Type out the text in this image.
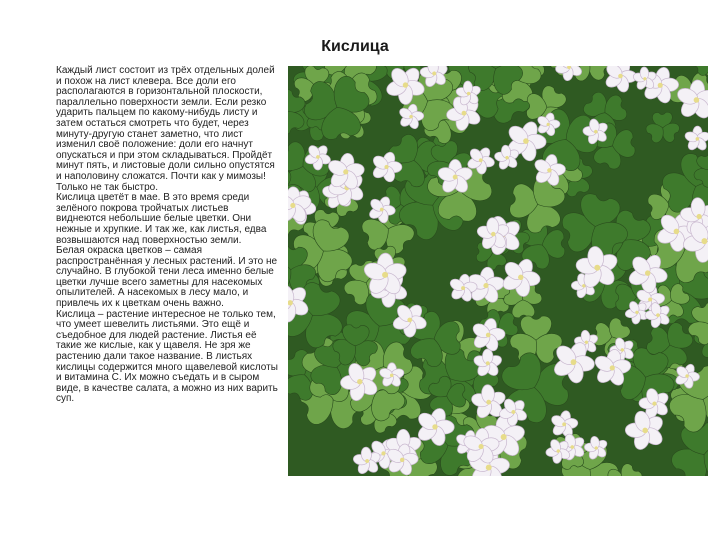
Кислица

Каждый лист состоит из трёх отдельных долей и похож на лист клевера. Все доли его располагаются в горизонтальной плоскости, параллельно поверхности земли. Если резко ударить пальцем по какому-нибудь листу и затем остаться смотреть что будет, через минуту-другую станет заметно, что лист изменил своё положение: доли его начнут опускаться и при этом складываться. Пройдёт минут пять, и листовые доли сильно опустятся и наполовину сложатся. Почти как у мимозы! Только не так быстро.

Кислица цветёт в мае. В это время среди зелёного покрова тройчатых листьев виднеются небольшие белые цветки. Они нежные и хрупкие. И так же, как листья, едва возвышаются над поверхностью земли.

Белая окраска цветков – самая распространённая у лесных растений. И это не случайно. В глубокой тени леса именно белые цветки лучше всего заметны для насекомых опылителей. А насекомых в лесу мало, и привлечь их к цветкам очень важно.

Кислица – растение интересное не только тем, что умеет шевелить листьями. Это ещё и съедобное для людей растение. Листья её такие же кислые, как у щавеля. Не зря же растению дали такое название. В листьях кислицы содержится много щавелевой кислоты и витамина С. Их можно съедать и в сыром виде, в качестве салата, а можно из них варить суп.
